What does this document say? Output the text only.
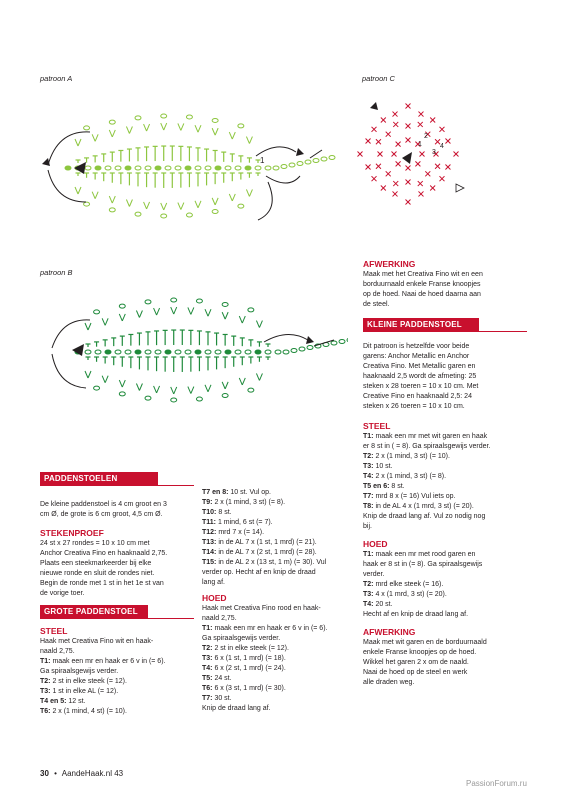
patroon A	patroon C
patroon B
1
1
2
3
4
PADDENSTOELEN
De kleine paddenstoel is 4 cm groot en 3
cm Ø, de grote is 6 cm groot, 4,5 cm Ø.
STEKENPROEF
24 st x 27 rondes = 10 x 10 cm met
Anchor Creativa Fino en haaknaald 2,75.
Plaats een steekmarkeerder bij elke
nieuwe ronde en sluit de rondes niet.
Begin de ronde met 1 st in het 1e st van
de vorige toer.
GROTE PADDENSTOEL
STEEL
Haak met Creativa Fino wit en haak-
naald 2,75.
T1: maak een mr en haak er 6 v in (= 6).
Ga spiraalsgewijs verder.
T2: 2 st in elke steek (= 12).
T3: 1 st in elke AL (= 12).
T4 en 5: 12 st.
T6: 2 x (1 mind, 4 st) (= 10).
T7 en 8: 10 st. Vul op.
T9: 2 x (1 mind, 3 st) (= 8).
T10: 8 st.
T11: 1 mind, 6 st (= 7).
T12: mrd 7 x (= 14).
T13: in de AL 7 x (1 st, 1 mrd) (= 21).
T14: in de AL 7 x (2 st, 1 mrd) (= 28).
T15: in de AL 2 x (13 st, 1 m) (= 30). Vul
verder op. Hecht af en knip de draad
lang af.
HOED
Haak met Creativa Fino rood en haak-
naald 2,75.
T1: maak een mr en haak er 6 v in (= 6).
Ga spiraalsgewijs verder.
T2: 2 st in elke steek (= 12).
T3: 6 x (1 st, 1 mrd) (= 18).
T4: 6 x (2 st, 1 mrd) (= 24).
T5: 24 st.
T6: 6 x (3 st, 1 mrd) (= 30).
T7: 30 st.
Knip de draad lang af.
AFWERKING
Maak met het Creativa Fino wit en een
borduurnaald enkele Franse knoopjes
op de hoed. Naai de hoed daarna aan
de steel.
KLEINE PADDENSTOEL
Dit patroon is hetzelfde voor beide
garens: Anchor Metallic en Anchor
Creativa Fino. Met Metallic garen en
haaknaald 2,5 wordt de afmeting: 25
steken x 28 toeren = 10 x 10 cm. Met
Creative Fino en haaknaald 2,5: 24
steken x 26 toeren = 10 x 10 cm.
STEEL
T1: maak een mr met wit garen en haak
er 8 st in ( = 8). Ga spiraalsgewijs verder.
T2: 2 x (1 mind, 3 st) (= 10).
T3: 10 st.
T4: 2 x (1 mind, 3 st) (= 8).
T5 en 6: 8 st.
T7: mrd 8 x (= 16) Vul iets op.
T8: in de AL 4 x (1 mrd, 3 st) (= 20).
Knip de draad lang af. Vul zo nodig nog
bij.
HOED
T1: maak een mr met rood garen en
haak er 8 st in (= 8). Ga spiraalsgewijs
verder.
T2: mrd elke steek (= 16).
T3: 4 x (1 mrd, 3 st) (= 20).
T4: 20 st.
Hecht af en knip de draad lang af.
AFWERKING
Maak met wit garen en de borduurnaald
enkele Franse knoopjes op de hoed.
Wikkel het garen 2 x om de naald.
Naai de hoed op de steel en werk
alle draden weg.
30 • AandeHaak.nl 43
PassionForum.ru
